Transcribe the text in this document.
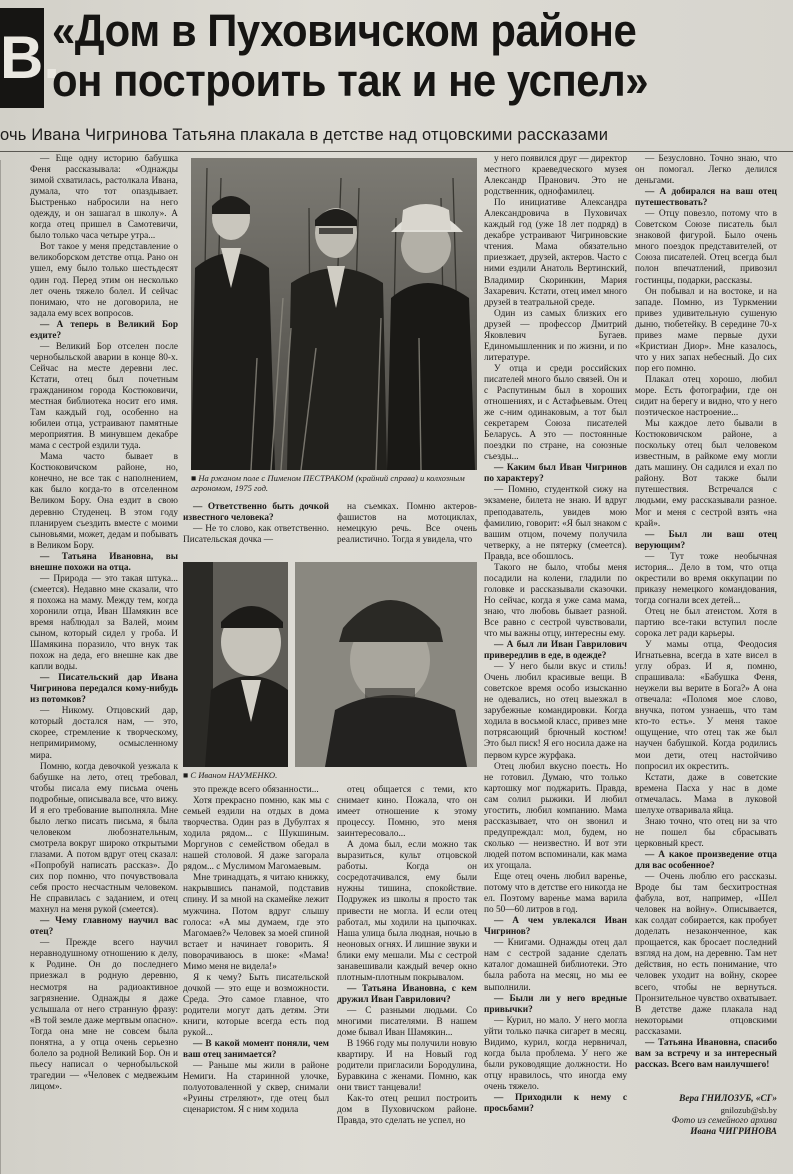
В.
«Дом в Пуховичском районе
он построить так и не успел»
очь Ивана Чигринова Татьяна плакала в детстве над отцовскими рассказами

— Еще одну историю бабушка Феня рассказывала: «Однажды зимой схватилась, растолкала Ивана, думала, что тот опаздывает. Быстренько набросили на него одежду, и он зашагал в школу». А когда отец пришел в Самотевичи, было только часа четыре утра...

Вот такое у меня представление о великоборском детстве отца. Рано он ушел, ему было только шестьдесят один год. Перед этим он несколько лет очень тяжело болел. И сейчас понимаю, что не договорила, не задала ему всех вопросов.

— А теперь в Великий Бор ездите?

— Великий Бор отселен после чернобыльской аварии в конце 80-х. Сейчас на месте деревни лес. Кстати, отец был почетным гражданином города Костюковичи, местная библиотека носит его имя. Там каждый год, особенно на юбилеи отца, устраивают памятные мероприятия. В минувшем декабре мама с сестрой ездили туда.

Мама часто бывает в Костюковичском районе, но, конечно, не все так с наполнением, как было когда-то в отселенном Великом Бору. Она ездит в свою деревню Студенец. В этом году планируем съездить вместе с моими сыновьями, может, дедам и побывать в Великом Бору.

— Татьяна Ивановна, вы внешне похожи на отца.

— Природа — это такая штука... (смеется). Недавно мне сказали, что я похожа на маму. Между тем, когда хоронили отца, Иван Шамякин все время наблюдал за Валей, моим сыном, который сидел у гроба. И Шамякина поразило, что внук так похож на деда, его внешне как две капли воды.

— Писательский дар Ивана Чигринова передался кому-нибудь из потомков?

— Никому. Отцовский дар, который достался нам, — это, скорее, стремление к творческому, непримиримому, осмысленному мира.

Помню, когда девочкой уезжала к бабушке на лето, отец требовал, чтобы писала ему письма очень подробные, описывала все, что вижу. И я его требование выполняла. Мне было легко писать письма, я была человеком любознательным, смотрела вокруг широко открытыми глазами. А потом вдруг отец сказал: «Попробуй написать рассказ». До сих пор помню, что почувствовала себя просто несчастным человеком. Не справилась с заданием, и отец махнул на меня рукой (смеется).

— Чему главному научил вас отец?

— Прежде всего научил неравнодушному отношению к делу, к Родине. Он до последнего приезжал в родную деревню, несмотря на радиоактивное загрязнение. Однажды я даже услышала от него странную фразу: «В той земле даже мертвым опасно». Тогда она мне не совсем была понятна, а у отца очень серьезно болело за родной Великий Бор. Он и пьесу написал о чернобыльской трагедии — «Человек с медвежьим лицом».

■ На ржаном поле с Пименом ПЕСТРАКОМ (крайний справа) и колхозным агрономом, 1975 год.

— Ответственно быть дочкой известного человека?

— Не то слово, как ответственно. Писательская дочка —

на съемках. Помню актеров-фашистов на мотоциклах, немецкую речь. Все очень реалистично. Тогда я увидела, что

■ С Иваном НАУМЕНКО.

это прежде всего обязанности...

Хотя прекрасно помню, как мы с семьей ездили на отдых в дома творчества. Один раз в Дубултах я ходила рядом... с Шукшиным. Моргунов с семейством обедал в нашей столовой. Я даже загорала рядом... с Муслимом Магомаевым.

Мне тринадцать, я читаю книжку, накрывшись панамой, подставив спину. И за мной на скамейке лежит мужчина. Потом вдруг слышу голоса: «А мы думаем, где это Магомаев?» Человек за моей спиной встает и начинает говорить. Я поворачиваюсь в шоке: «Мама! Мимо меня не видела!»

Я к чему? Быть писательской дочкой — это еще и возможности. Среда. Это самое главное, что родители могут дать детям. Эти книги, которые всегда есть под рукой...

— В какой момент поняли, чем ваш отец занимается?

— Раньше мы жили в районе Немиги. На старинной улочке, полуотоваленной у сквер, снимали «Руины стреляют», где отец был сценаристом. Я с ним ходила

отец общается с теми, кто снимает кино. Пожала, что он имеет отношение к этому процессу. Помню, это меня заинтересовало...

А дома был, если можно так выразиться, культ отцовской работы. Когда он сосредотачивался, ему были нужны тишина, спокойствие. Подружек из школы я просто так привести не могла. И если отец работал, мы ходили на цыпочках. Наша улица была людная, ночью в неоновых огнях. И лишние звуки и блики ему мешали. Мы с сестрой занавешивали каждый вечер окно плотным-плотным покрывалом.

— Татьяна Ивановна, с кем дружил Иван Гаврилович?

— С разными людьми. Со многими писателями. В нашем доме бывал Иван Шамякин...

В 1966 году мы получили новую квартиру. И на Новый год родители пригласили Бородулина, Буравкина с женами. Помню, как они твист танцевали!

Как-то отец решил построить дом в Пуховичском районе. Правда, это сделать не успел, но

у него появился друг — директор местного краеведческого музея Александр Пранович. Это не родственник, однофамилец.

По инициативе Александра Александровича в Пуховичах каждый год (уже 18 лет подряд) в декабре устраивают Чигриновские чтения. Мама обязательно приезжает, друзей, актеров. Часто с ними ездили Анатоль Вертинский, Владимир Скоринкин, Мария Захаревич. Кстати, отец имел много друзей в театральной среде.

Один из самых близких его друзей — профессор Дмитрий Яковлевич Бугаев. Единомышленник и по жизни, и по литературе.

У отца и среди российских писателей много было связей. Он и с Распутиным был в хороших отношениях, и с Астафьевым. Отец же с-ним одинаковым, а тот был секретарем Союза писателей Беларусь. А это — постоянные поездки по стране, на союзные съезды...

— Каким был Иван Чигринов по характеру?

— Помню, студенткой сижу на экзамене, билета не знаю. И вдруг преподаватель, увидев мою фамилию, говорит: «Я был знаком с вашим отцом, почему получила четверку, а не пятерку (смеется). Правда, все обошлось.

Такого не было, чтобы меня посадили на колени, гладили по головке и рассказывали сказочки. Но сейчас, когда я уже сама мама, знаю, что любовь бывает разной. Все равно с сестрой чувствовали, что мы важны отцу, интересны ему.

— А был ли Иван Гаврилович привередлив в еде, в одежде?

— У него были вкус и стиль! Очень любил красивые вещи. В советское время особо изысканно не одевались, но отец выезжал в зарубежные командировки. Когда ходила в восьмой класс, привез мне потрясающий брючный костюм! Это был писк! Я его носила даже на первом курсе журфака.

Отец любил вкусно поесть. Но не готовил. Думаю, что только картошку мог поджарить. Правда, сам солил рыжики. И любил угостить, любил компанию. Мама рассказывает, что он звонил и предупреждал: мол, будем, но сколько — неизвестно. И вот эти людей потом вспоминали, как мама их угощала.

Еще отец очень любил варенье, потому что в детстве его никогда не ел. Поэтому варенье мама варила по 50—60 литров в год.

— А чем увлекался Иван Чигринов?

— Книгами. Однажды отец дал нам с сестрой задание сделать каталог домашней библиотеки. Это была работа на месяц, но мы ее выполнили.

— Были ли у него вредные привычки?

— Курил, но мало. У него могла уйти только пачка сигарет в месяц. Видимо, курил, когда нервничал, когда была проблема. У него же были руководящие должности. Но отцу нравилось, что иногда ему очень тяжело.

— Приходили к нему с просьбами?

— Безусловно. Точно знаю, что он помогал. Легко делился деньгами.

— А добирался на ваш отец путешествовать?

— Отцу повезло, потому что в Советском Союзе писатель был знаковой фигурой. Было очень много поездок представителей, от Союза писателей. Отец всегда был полон впечатлений, привозил гостинцы, подарки, рассказы.

Он побывал и на востоке, и на западе. Помню, из Туркмении привез удивительную сушеную дыню, тюбетейку. В середине 70-х привез маме первые духи «Кристиан Диор». Мне казалось, что у них запах небесный. До сих пор его помню.

Плакал отец хорошо, любил море. Есть фотографии, где он сидит на берегу и видно, что у него поэтическое настроение...

Мы каждое лето бывали в Костюковичском районе, а поскольку отец был человеком известным, в райкоме ему могли дать машину. Он садился и ехал по району. Вот также были путешествия. Встречался с людьми, ему рассказывали разное. Мог и меня с сестрой взять «на край».

— Был ли ваш отец верующим?

— Тут тоже необычная история... Дело в том, что отца окрестили во время оккупации по приказу немецкого командования, тогда согнали всех детей...

Отец не был атеистом. Хотя в партию все-таки вступил после сорока лет ради карьеры.

У мамы отца, Феодосия Игнатьевна, всегда в хате висел в углу образ. И я, помню, спрашивала: «Бабушка Феня, неужели вы верите в Бога?» А она отвечала: «Поломя мое слово, внучка, потом узнаешь, что там кто-то есть». У меня такое ощущение, что отец так же был научен бабушкой. Когда родились мои дети, отец настойчиво попросил их окрестить.

Кстати, даже в советские времена Пасха у нас в доме отмечалась. Мама в луковой шелухе отваривала яйца.

Знаю точно, что отец ни за что не пошел бы сбрасывать церковный крест.

— А какое произведение отца для вас особенное?

— Очень люблю его рассказы. Вроде бы там бесхитростная фабула, вот, например, «Шел человек на войну». Описывается, как солдат собирается, как пробует доделать незаконченное, как прощается, как бросает последний взгляд на дом, на деревню. Там нет действия, но есть понимание, что человек уходит на войну, скорее всего, чтобы не вернуться. Пронзительное чувство охватывает. В детстве даже плакала над некоторыми отцовскими рассказами.

— Татьяна Ивановна, спасибо вам за встречу и за интересный рассказ. Всего вам наилучшего!

Вера ГНИЛОЗУБ, «СГ»

gnilozub@sb.by

Фото из семейного архива

Ивана ЧИГРИНОВА
